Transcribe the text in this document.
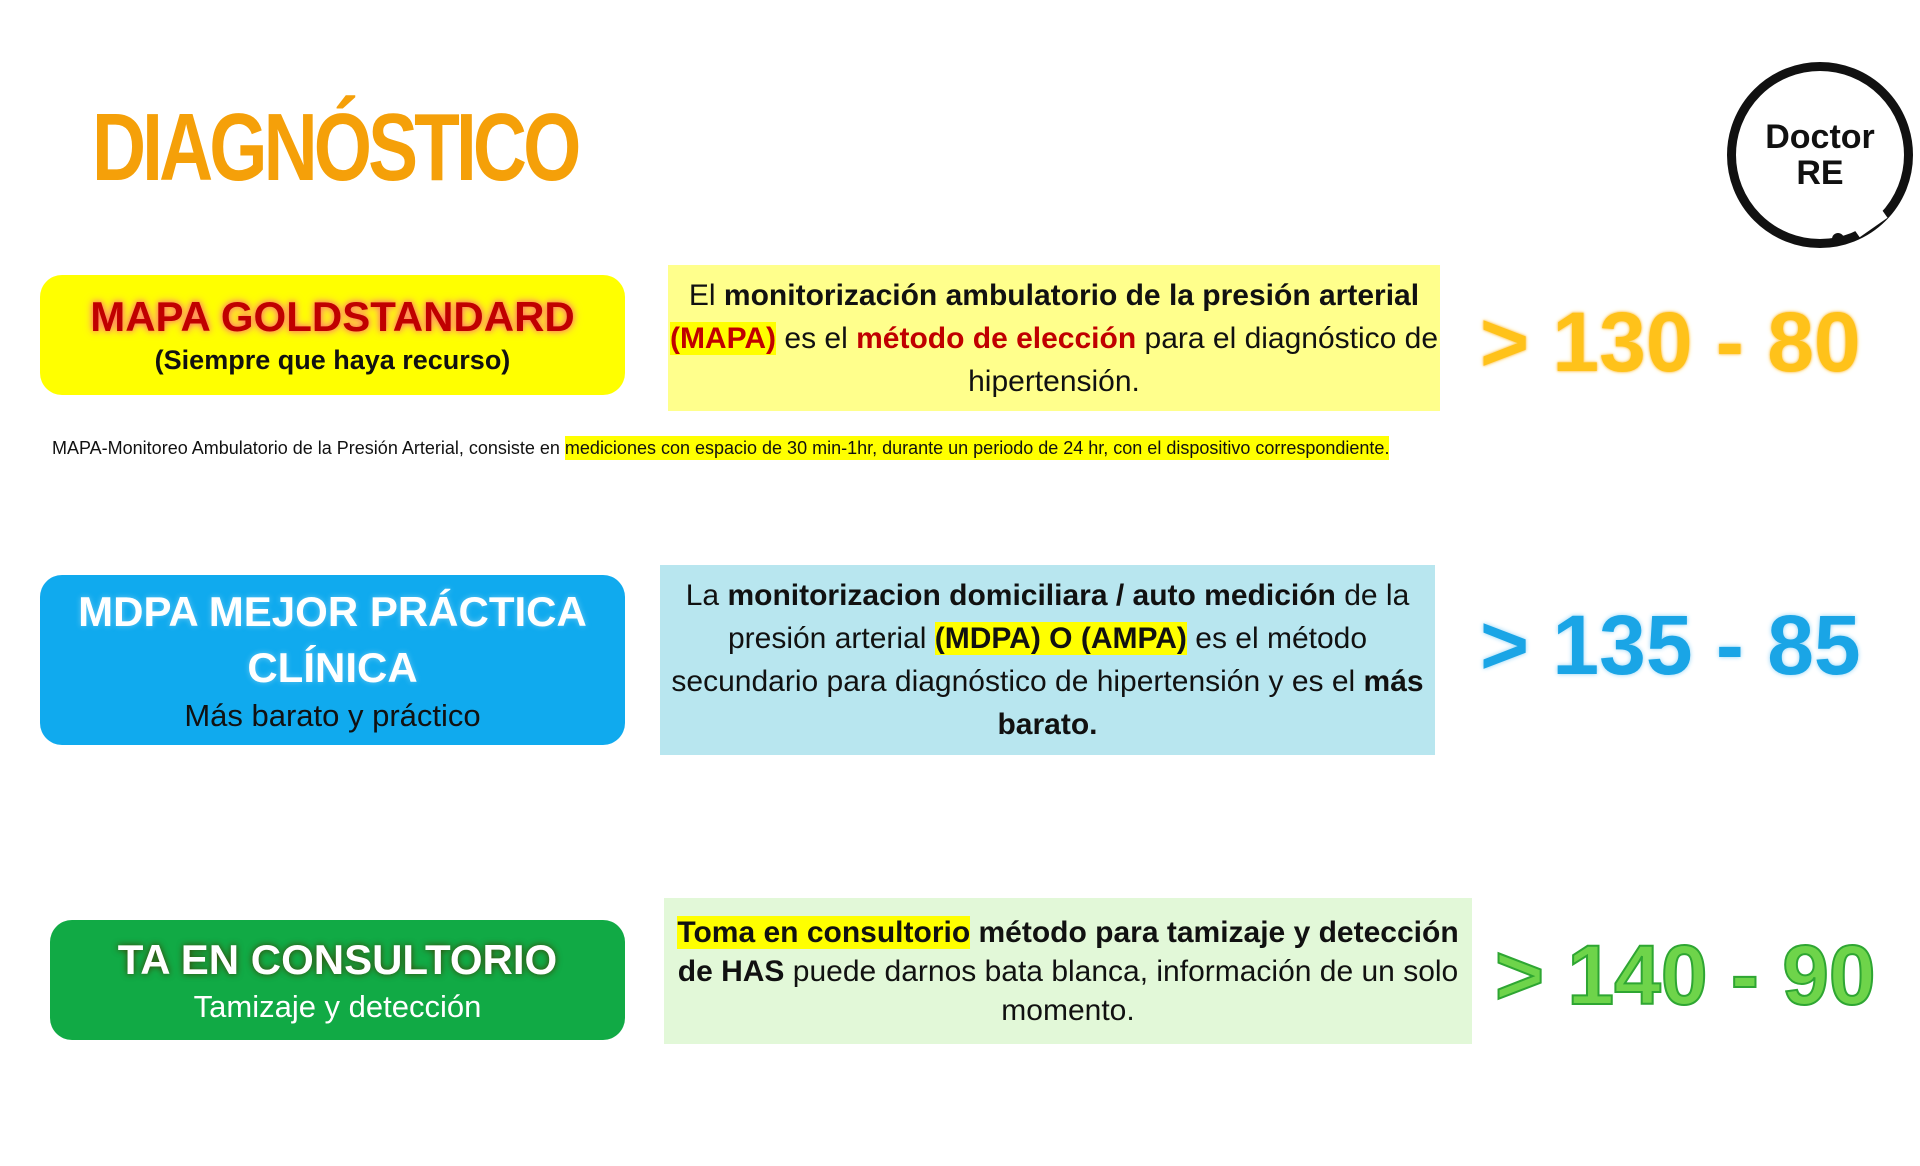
DIAGNÓSTICO	Doctor
RE
MAPA GOLDSTANDARD
(Siempre que haya recurso)

El monitorización ambulatorio de la presión arterial (MAPA) es el método de elección para el diagnóstico de hipertensión.	> 130 - 80
MAPA-Monitoreo Ambulatorio de la Presión Arterial, consiste en mediciones con espacio de 30 min-1hr, durante un periodo de 24 hr, con el dispositivo correspondiente.
MDPA MEJOR PRÁCTICA
CLÍNICA
Más barato y práctico

La monitorizacion domiciliara / auto medición de la presión arterial (MDPA) O (AMPA) es el método secundario para diagnóstico de hipertensión y es el más barato.

> 135 - 85
TA EN CONSULTORIO
Tamizaje y detección

Toma en consultorio método para tamizaje y detección de HAS puede darnos bata blanca, información de un solo momento.	> 140 - 90
